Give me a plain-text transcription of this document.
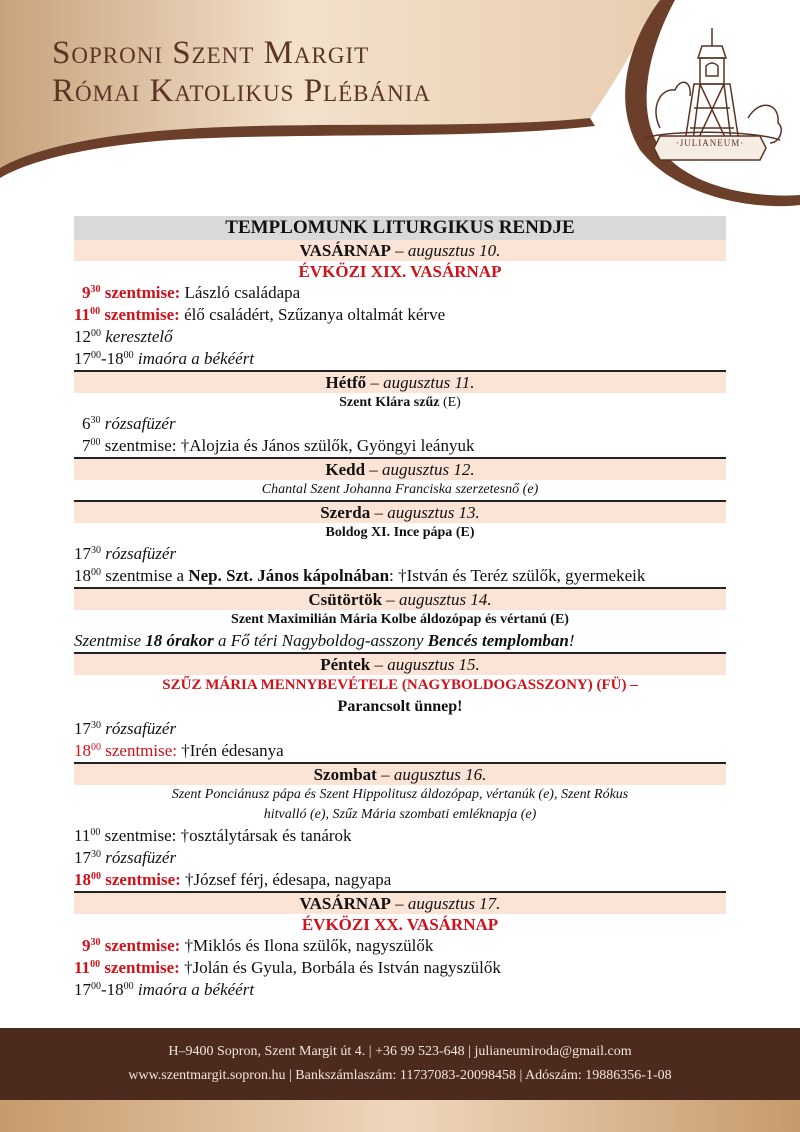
Soproni Szent Margit
Római Katolikus Plébánia
·JULIANEUM·
TEMPLOMUNK LITURGIKUS RENDJE
VASÁRNAP – augusztus 10.
ÉVKÖZI XIX. VASÁRNAP
$9^{30}$ szentmise: László családapa
$11^{00}$ szentmise: élő családért, Szűzanya oltalmát kérve
$12^{00}$ keresztelő
$17^{00}-18^{00}$ imaóra a békéért
Hétfő – augusztus 11.
Szent Klára szűz (E)
$6^{30}$ rózsafüzér
$7^{00}$ szentmise: †Alojzia és János szülők, Gyöngyi leányuk
Kedd – augusztus 12.
Chantal Szent Johanna Franciska szerzetesnő (e)
Szerda – augusztus 13.
Boldog XI. Ince pápa (E)
$17^{30}$ rózsafüzér
$18^{00}$ szentmise a Nep. Szt. János kápolnában: †István és Teréz szülők, gyermekeik
Csütörtök – augusztus 14.
Szent Maximilián Mária Kolbe áldozópap és vértanú (E)
Szentmise 18 órakor a Fő téri Nagyboldog-asszony Bencés templomban!
Péntek – augusztus 15.
SZŰZ MÁRIA MENNYBEVÉTELE (NAGYBOLDOGASSZONY) (FÜ) –
Parancsolt ünnep!
$17^{30}$ rózsafüzér
$18^{00}$ szentmise: †Irén édesanya
Szombat – augusztus 16.
Szent Ponciánusz pápa és Szent Hippolitusz áldozópap, vértanúk (e), Szent Rókus
hitvalló (e), Szűz Mária szombati emléknapja (e)
$11^{00}$ szentmise: †osztálytársak és tanárok
$17^{30}$ rózsafüzér
$18^{00}$ szentmise: †József férj, édesapa, nagyapa
VASÁRNAP – augusztus 17.
ÉVKÖZI XX. VASÁRNAP
$9^{30}$ szentmise: †Miklós és Ilona szülők, nagyszülők
$11^{00}$ szentmise: †Jolán és Gyula, Borbála és István nagyszülők
$17^{00}-18^{00}$ imaóra a békéért
H–9400 Sopron, Szent Margit út 4. | +36 99 523-648 | julianeumiroda@gmail.com
www.szentmargit.sopron.hu | Bankszámlaszám: 11737083-20098458 | Adószám: 19886356-1-08
